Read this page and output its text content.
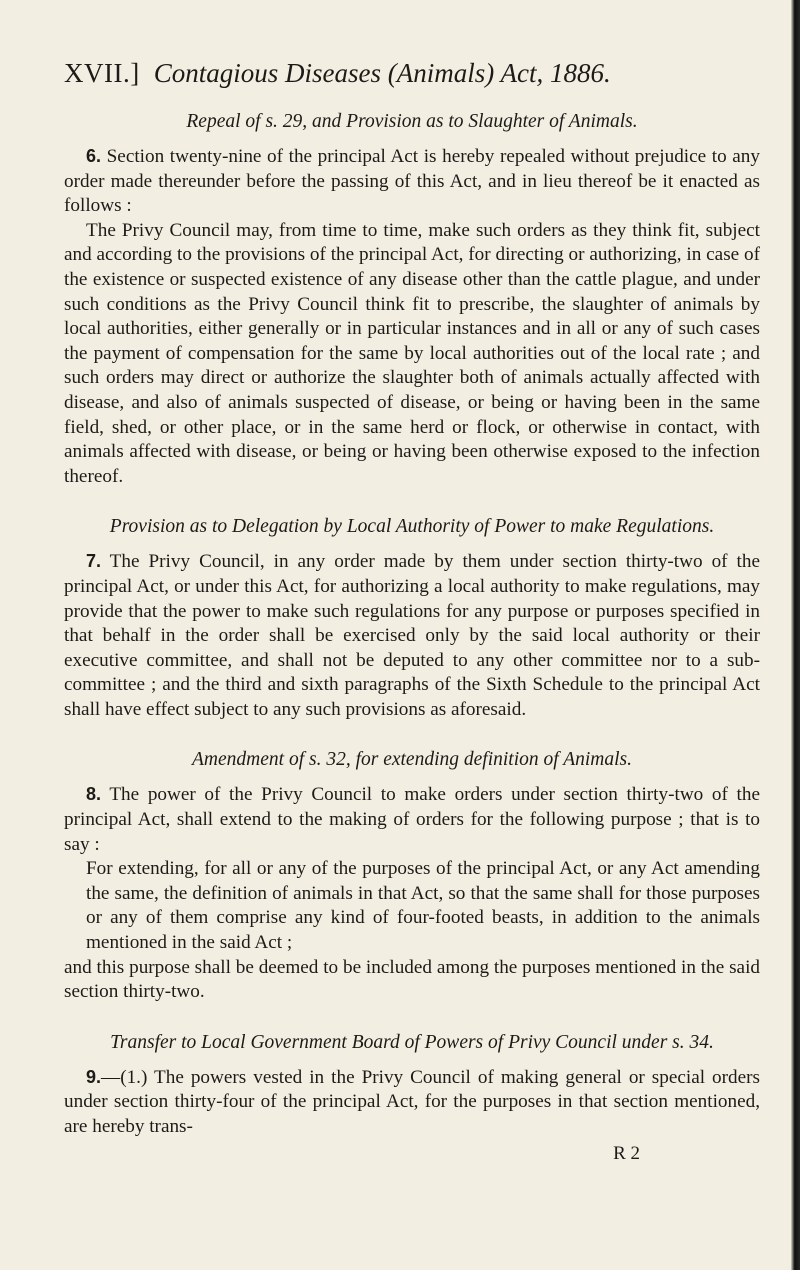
XVII.] Contagious Diseases (Animals) Act, 1886.
Repeal of s. 29, and Provision as to Slaughter of Animals.

6. Section twenty-nine of the principal Act is hereby repealed without prejudice to any order made thereunder before the passing of this Act, and in lieu thereof be it enacted as follows :

The Privy Council may, from time to time, make such orders as they think fit, subject and according to the provisions of the principal Act, for directing or authorizing, in case of the existence or suspected existence of any disease other than the cattle plague, and under such conditions as the Privy Council think fit to prescribe, the slaughter of animals by local authorities, either generally or in particular instances and in all or any of such cases the payment of compensation for the same by local authorities out of the local rate ; and such orders may direct or authorize the slaughter both of animals actually affected with disease, and also of animals suspected of disease, or being or having been in the same field, shed, or other place, or in the same herd or flock, or otherwise in contact, with animals affected with disease, or being or having been otherwise exposed to the infection thereof.

Provision as to Delegation by Local Authority of Power to make Regulations.

7. The Privy Council, in any order made by them under section thirty-two of the principal Act, or under this Act, for authorizing a local authority to make regulations, may provide that the power to make such regulations for any purpose or purposes specified in that behalf in the order shall be exercised only by the said local authority or their executive committee, and shall not be deputed to any other committee nor to a sub-committee ; and the third and sixth paragraphs of the Sixth Schedule to the principal Act shall have effect subject to any such provisions as aforesaid.

Amendment of s. 32, for extending definition of Animals.

8. The power of the Privy Council to make orders under section thirty-two of the principal Act, shall extend to the making of orders for the following purpose ; that is to say :

For extending, for all or any of the purposes of the principal Act, or any Act amending the same, the definition of animals in that Act, so that the same shall for those purposes or any of them comprise any kind of four-footed beasts, in addition to the animals mentioned in the said Act ;

and this purpose shall be deemed to be included among the purposes mentioned in the said section thirty-two.

Transfer to Local Government Board of Powers of Privy Council under s. 34.

9.—(1.) The powers vested in the Privy Council of making general or special orders under section thirty-four of the principal Act, for the purposes in that section mentioned, are hereby trans-

R 2
